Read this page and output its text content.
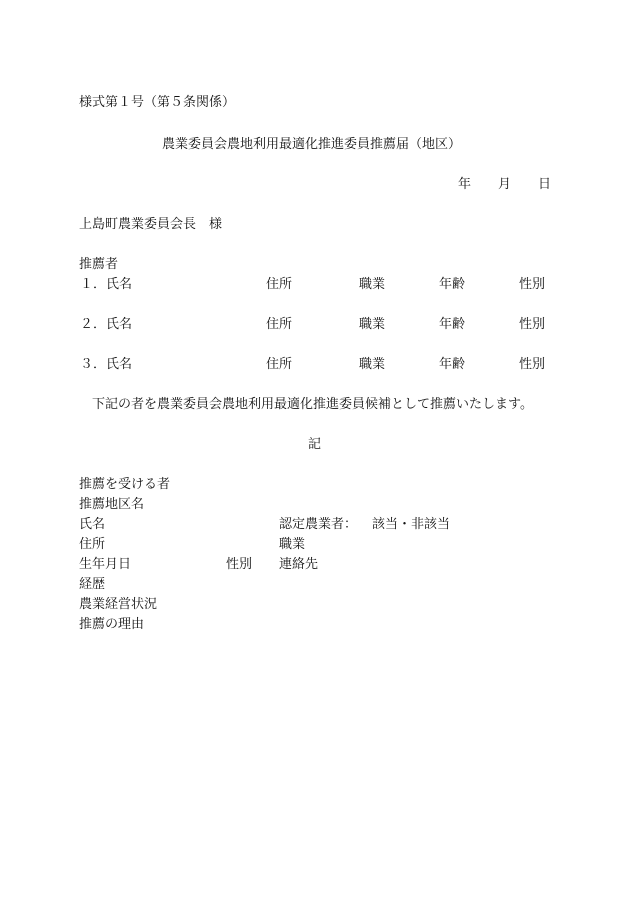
様式第１号（第５条関係）
農業委員会農地利用最適化推進委員推薦届（地区）
年 月 日
上島町農業委員会長　様
推薦者
１． 氏名	住所	職業	年齢	性別
２． 氏名	住所	職業	年齢	性別
３． 氏名	住所	職業	年齢	性別
下記の者を農業委員会農地利用最適化推進委員候補として推薦いたします。
記
推薦を受ける者
推薦地区名
氏名	認定農業者： 該当・非該当
住所	職業
生年月日	性別 連絡先
経歴
農業経営状況
推薦の理由
